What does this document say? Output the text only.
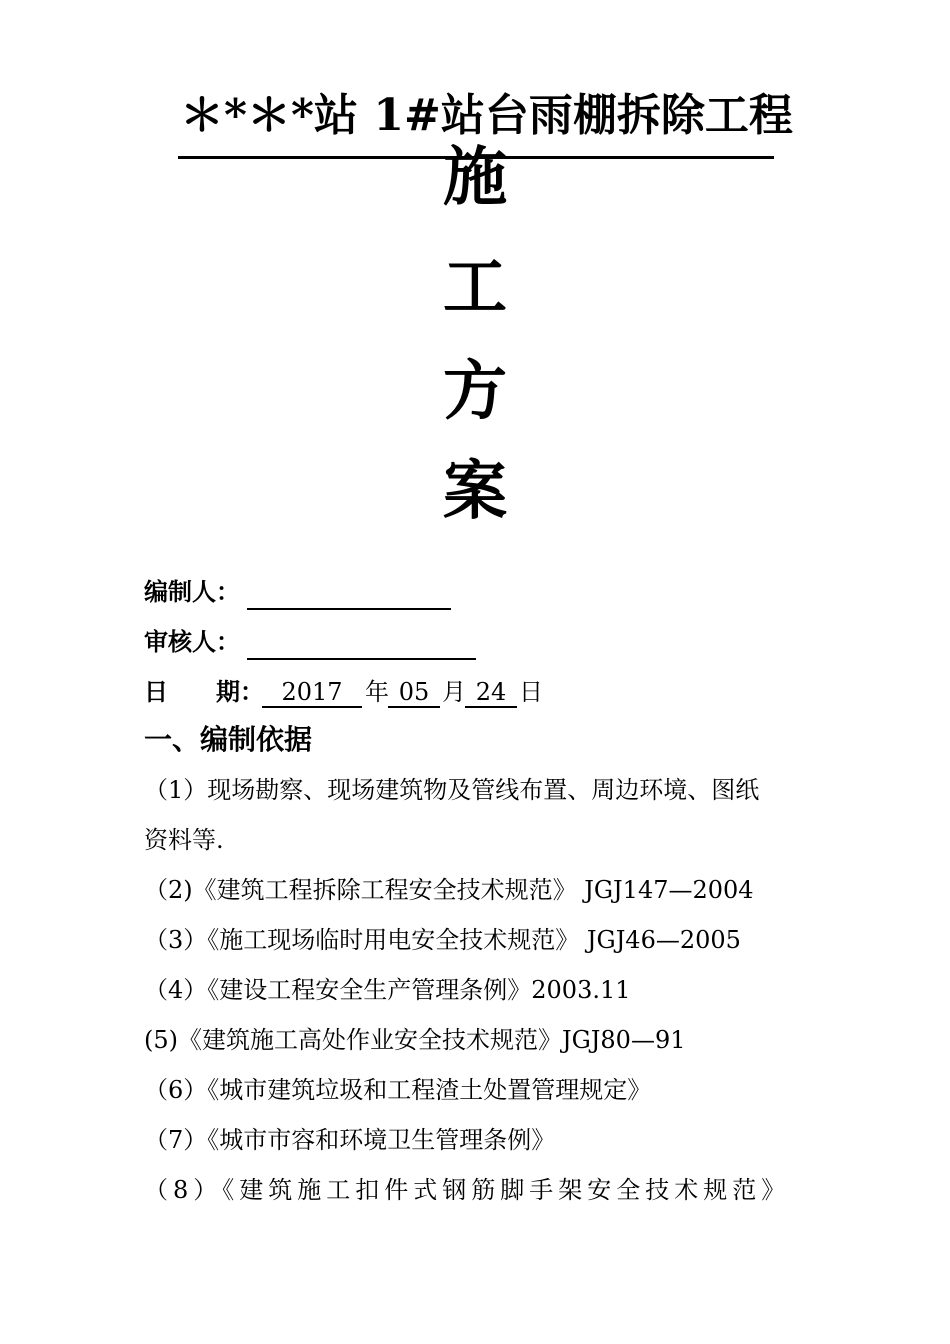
＊*＊*站 1#站台雨棚拆除工程
施
工
方
案
编制人：
审核人：
日　　期： 2017 年 05 月 24 日
一、编制依据
（1）现场勘察、现场建筑物及管线布置、周边环境、图纸
资料等.
（2)《建筑工程拆除工程安全技术规范》 JGJ147—2004
（3）《施工现场临时用电安全技术规范》 JGJ46—2005
（4）《建设工程安全生产管理条例》2003.11
(5)《建筑施工高处作业安全技术规范》JGJ80—91
（6）《城市建筑垃圾和工程渣土处置管理规定》
（7）《城市市容和环境卫生管理条例》
（8）《建筑施工扣件式钢筋脚手架安全技术规范》
